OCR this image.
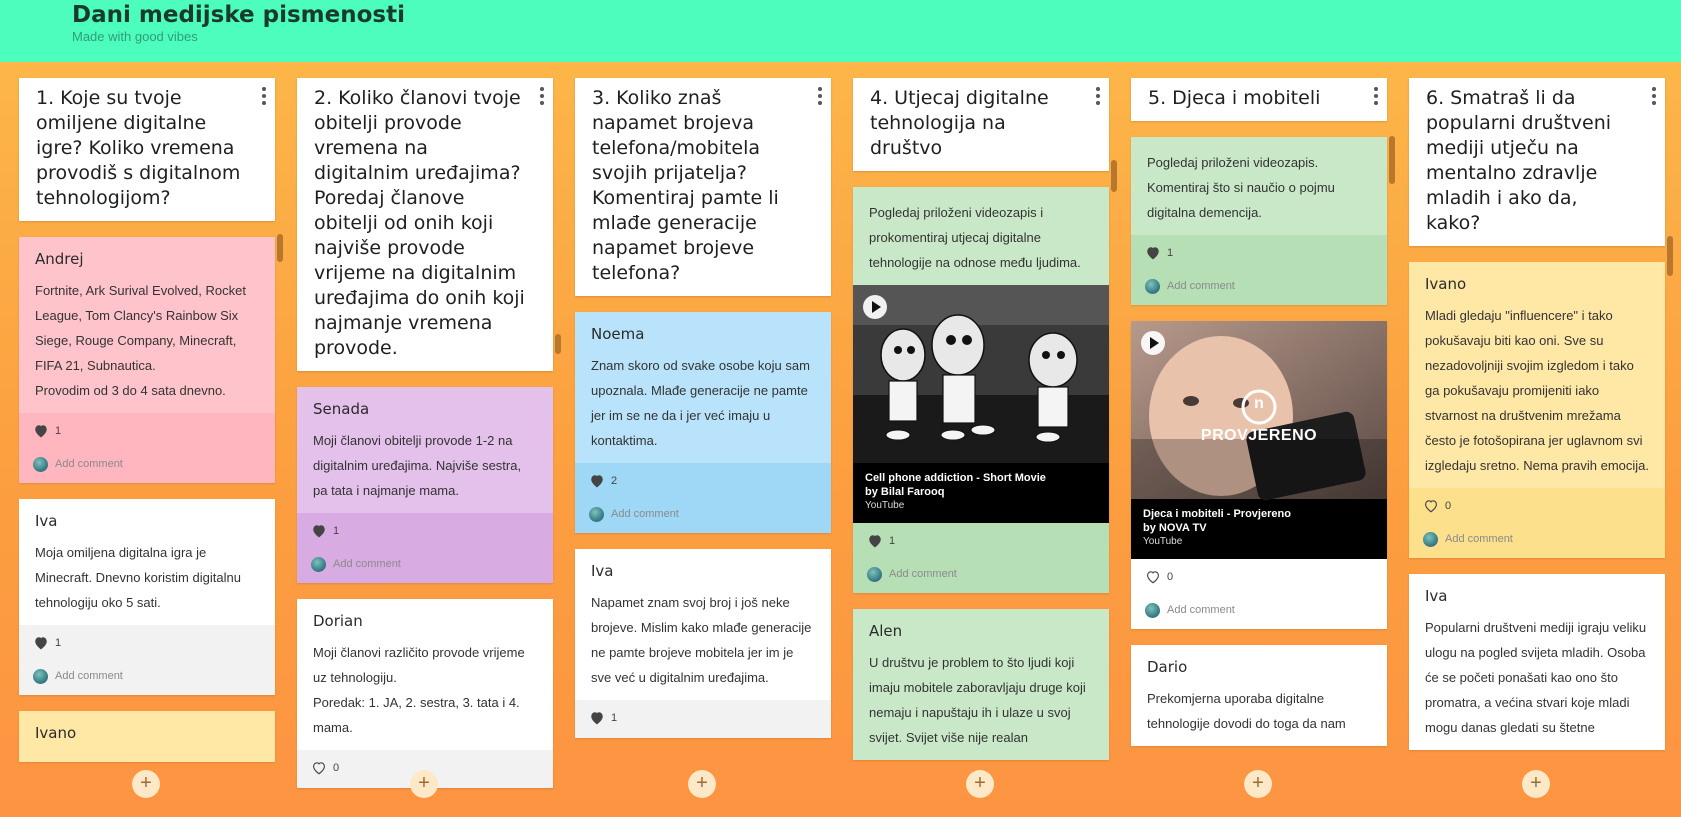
Dani medijske pismenosti
Made with good vibes
1. Koje su tvoje omiljene digitalne igre? Koliko vremena provodiš s digitalnom tehnologijom?
Andrej
Fortnite, Ark Surival Evolved, Rocket League, Tom Clancy's Rainbow Six Siege, Rouge Company, Minecraft, FIFA 21, Subnautica.
Provodim od 3 do 4 sata dnevno.
1
Add comment
Iva
Moja omiljena digitalna igra je Minecraft. Dnevno koristim digitalnu tehnologiju oko 5 sati.
1
Add comment
Ivano
2. Koliko članovi tvoje obitelji provode vremena na digitalnim uređajima? Poredaj članove obitelji od onih koji najviše provode vrijeme na digitalnim uređajima do onih koji najmanje vremena provode.
Senada
Moji članovi obitelji provode 1-2 na digitalnim uređajima. Najviše sestra, pa tata i najmanje mama.
1
Add comment
Dorian
Moji članovi različito provode vrijeme uz tehnologiju.
Poredak: 1. JA, 2. sestra, 3. tata i 4. mama.
0
3. Koliko znaš napamet brojeva telefona/mobitela svojih prijatelja? Komentiraj pamte li mlađe generacije napamet brojeve telefona?
Noema
Znam skoro od svake osobe koju sam upoznala. Mlađe generacije ne pamte jer im se ne da i jer već imaju u kontaktima.
2
Add comment
Iva
Napamet znam svoj broj i još neke brojeve. Mislim kako mlađe generacije ne pamte brojeve mobitela jer im je sve već u digitalnim uređajima.
1
4. Utjecaj digitalne tehnologija na društvo
Pogledaj priloženi videozapis i prokomentiraj utjecaj digitalne tehnologije na odnose među ljudima.
Cell phone addiction - Short Movie
by Bilal Farooq
YouTube
1
Add comment
Alen
U društvu je problem to što ljudi koji imaju mobitele zaboravljaju druge koji nemaju i napuštaju ih i ulaze u svoj svijet. Svijet više nije realan
5. Djeca i mobiteli
Pogledaj priloženi videozapis. Komentiraj što si naučio o pojmu digitalna demencija.
1
Add comment
n
PROVJERENO
Djeca i mobiteli - Provjereno
by NOVA TV
YouTube
0
Add comment
Dario
Prekomjerna uporaba digitalne tehnologije dovodi do toga da nam
6. Smatraš li da popularni društveni mediji utječu na mentalno zdravlje mladih i ako da, kako?
Ivano
Mladi gledaju "influencere" i tako pokušavaju biti kao oni. Sve su nezadovoljniji svojim izgledom i tako ga pokušavaju promijeniti iako stvarnost na društvenim mrežama često je fotošopirana jer uglavnom svi izgledaju sretno. Nema pravih emocija.
0
Add comment
Iva
Popularni društveni mediji igraju veliku ulogu na pogled svijeta mladih. Osoba će se početi ponašati kao ono što promatra, a većina stvari koje mladi mogu danas gledati su štetne
+	+	+	+	+	+
